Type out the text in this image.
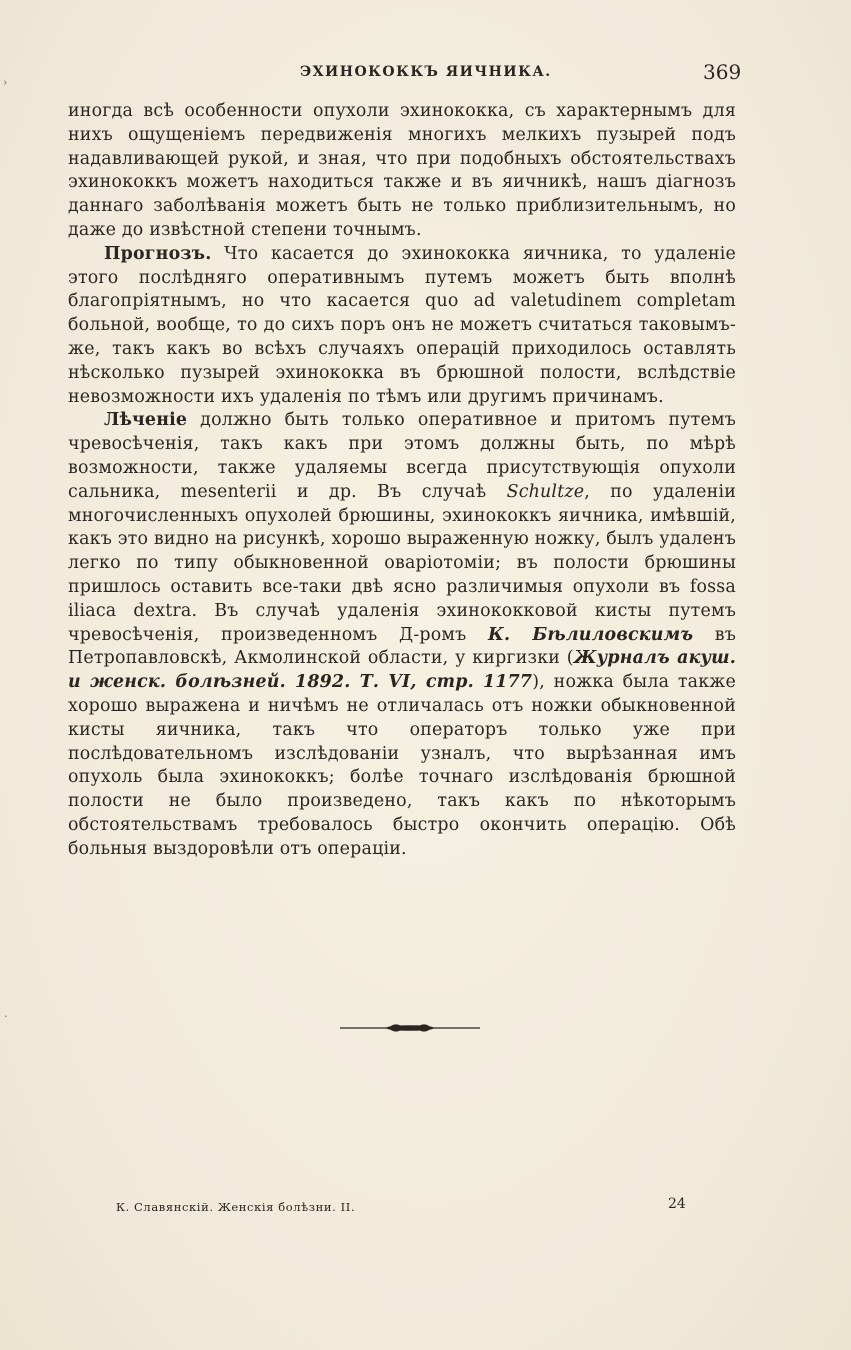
ЭХИНОКОККЪ ЯИЧНИКА.	369
›
·

иногда всѣ особенности опухоли эхинококка, съ характернымъ для нихъ ощущеніемъ передвиженія многихъ мелкихъ пузырей подъ надавливающей рукой, и зная, что при подобныхъ обстоятельствахъ эхинококкъ можетъ находиться также и въ яичникѣ, нашъ діагнозъ даннаго заболѣванія можетъ быть не только приблизительнымъ, но даже до извѣстной степени точнымъ.

Прогнозъ. Что касается до эхинококка яичника, то удаленіе этого послѣдняго оперативнымъ путемъ можетъ быть вполнѣ благопріятнымъ, но что касается quo ad valetudinem completam больной, вообще, то до сихъ поръ онъ не можетъ считаться таковымъ-же, такъ какъ во всѣхъ случаяхъ операцій приходилось оставлять нѣсколько пузырей эхинококка въ брюшной полости, вслѣдствіе невозможности ихъ удаленія по тѣмъ или другимъ причинамъ.

Лѣченіе должно быть только оперативное и притомъ путемъ чревосѣченія, такъ какъ при этомъ должны быть, по мѣрѣ возможности, также удаляемы всегда присутствующія опухоли сальника, mesenterii и др. Въ случаѣ Schultze, по удаленіи многочисленныхъ опухолей брюшины, эхинококкъ яичника, имѣвшій, какъ это видно на рисункѣ, хорошо выраженную ножку, былъ удаленъ легко по типу обыкновенной оваріотоміи; въ полости брюшины пришлось оставить все-таки двѣ ясно различимыя опухоли въ fossa iliaca dextra. Въ случаѣ удаленія эхинококковой кисты путемъ чревосѣченія, произведенномъ Д-ромъ К. Бѣлиловскимъ въ Петропавловскѣ, Акмолинской области, у киргизки (Журналъ акуш. и женск. болѣзней. 1892. Т. VI, стр. 1177), ножка была также хорошо выражена и ничѣмъ не отличалась отъ ножки обыкновенной кисты яичника, такъ что операторъ только уже при послѣдовательномъ изслѣдованіи узналъ, что вырѣзанная имъ опухоль была эхинококкъ; болѣе точнаго изслѣдованія брюшной полости не было произведено, такъ какъ по нѣкоторымъ обстоятельствамъ требовалось быстро окончить операцію. Обѣ больныя выздоровѣли отъ операціи.

К. Славянскій. Женскія болѣзни. II.	24
